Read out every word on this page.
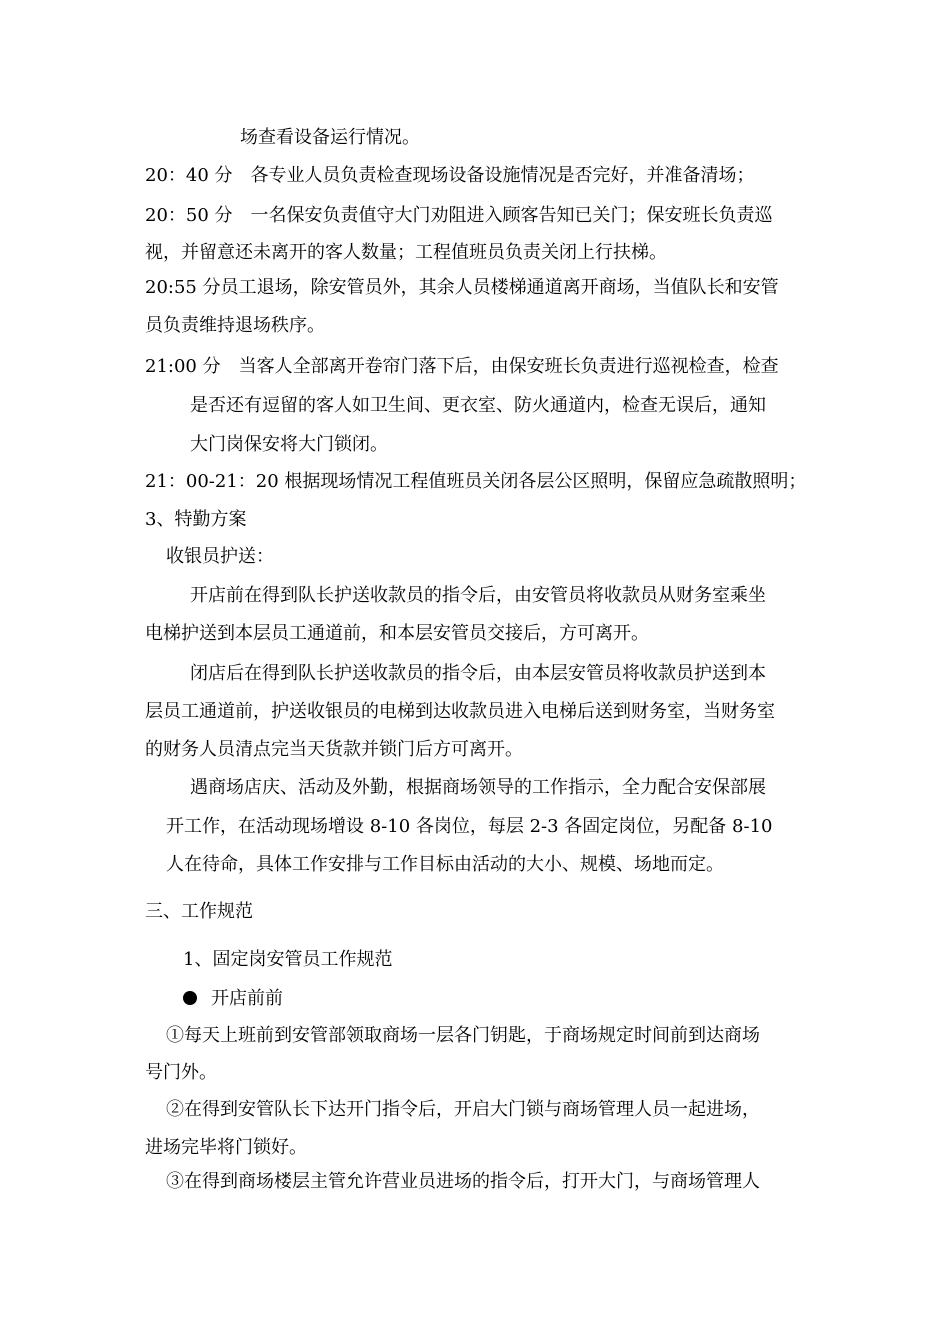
场查看设备运行情况。
20：40 分　各专业人员负责检查现场设备设施情况是否完好，并准备清场；
20：50 分　一名保安负责值守大门劝阻进入顾客告知已关门；保安班长负责巡
视，并留意还未离开的客人数量；工程值班员负责关闭上行扶梯。
20:55 分员工退场，除安管员外，其余人员楼梯通道离开商场，当值队长和安管
员负责维持退场秩序。
21:00 分　当客人全部离开卷帘门落下后，由保安班长负责进行巡视检查，检查
是否还有逗留的客人如卫生间、更衣室、防火通道内，检查无误后，通知
大门岗保安将大门锁闭。
21：00-21：20 根据现场情况工程值班员关闭各层公区照明，保留应急疏散照明；
3、特勤方案
收银员护送：
开店前在得到队长护送收款员的指令后，由安管员将收款员从财务室乘坐
电梯护送到本层员工通道前，和本层安管员交接后，方可离开。
闭店后在得到队长护送收款员的指令后，由本层安管员将收款员护送到本
层员工通道前，护送收银员的电梯到达收款员进入电梯后送到财务室，当财务室
的财务人员清点完当天货款并锁门后方可离开。
遇商场店庆、活动及外勤，根据商场领导的工作指示，全力配合安保部展
开工作，在活动现场增设 8-10 各岗位，每层 2-3 各固定岗位，另配备 8-10
人在待命，具体工作安排与工作目标由活动的大小、规模、场地而定。
三、工作规范
1、固定岗安管员工作规范
开店前前
①每天上班前到安管部领取商场一层各门钥匙，于商场规定时间前到达商场
号门外。
②在得到安管队长下达开门指令后，开启大门锁与商场管理人员一起进场，
进场完毕将门锁好。
③在得到商场楼层主管允许营业员进场的指令后，打开大门，与商场管理人
